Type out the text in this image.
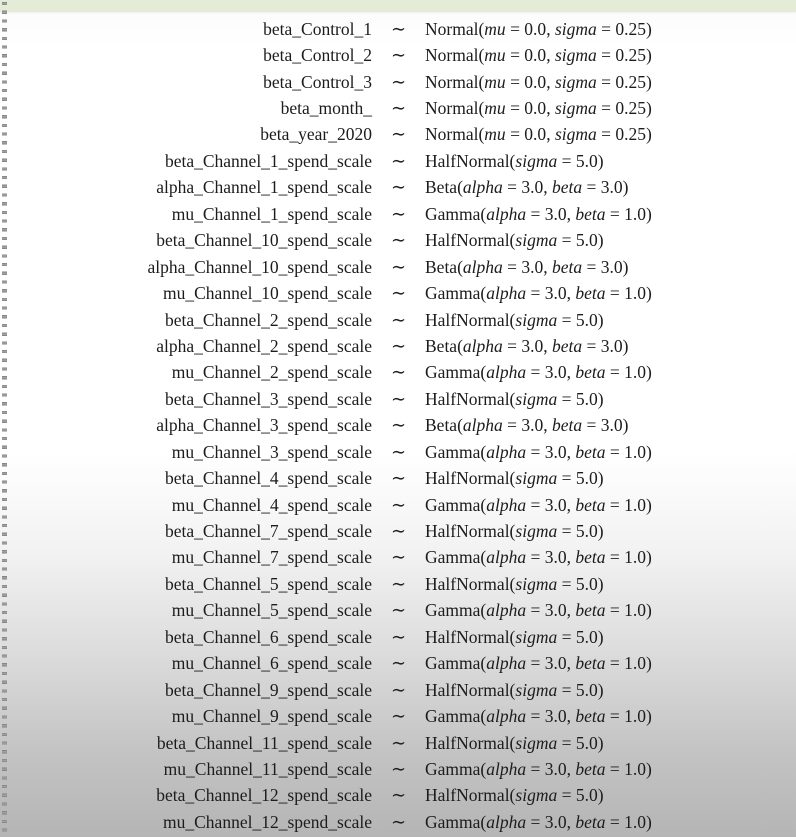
beta_Control_1	∼	Normal(mu = 0.0, sigma = 0.25)
beta_Control_2	∼	Normal(mu = 0.0, sigma = 0.25)
beta_Control_3	∼	Normal(mu = 0.0, sigma = 0.25)
beta_month_	∼	Normal(mu = 0.0, sigma = 0.25)
beta_year_2020	∼	Normal(mu = 0.0, sigma = 0.25)
beta_Channel_1_spend_scale	∼	HalfNormal(sigma = 5.0)
alpha_Channel_1_spend_scale	∼	Beta(alpha = 3.0, beta = 3.0)
mu_Channel_1_spend_scale	∼	Gamma(alpha = 3.0, beta = 1.0)
beta_Channel_10_spend_scale	∼	HalfNormal(sigma = 5.0)
alpha_Channel_10_spend_scale	∼	Beta(alpha = 3.0, beta = 3.0)
mu_Channel_10_spend_scale	∼	Gamma(alpha = 3.0, beta = 1.0)
beta_Channel_2_spend_scale	∼	HalfNormal(sigma = 5.0)
alpha_Channel_2_spend_scale	∼	Beta(alpha = 3.0, beta = 3.0)
mu_Channel_2_spend_scale	∼	Gamma(alpha = 3.0, beta = 1.0)
beta_Channel_3_spend_scale	∼	HalfNormal(sigma = 5.0)
alpha_Channel_3_spend_scale	∼	Beta(alpha = 3.0, beta = 3.0)
mu_Channel_3_spend_scale	∼	Gamma(alpha = 3.0, beta = 1.0)
beta_Channel_4_spend_scale	∼	HalfNormal(sigma = 5.0)
mu_Channel_4_spend_scale	∼	Gamma(alpha = 3.0, beta = 1.0)
beta_Channel_7_spend_scale	∼	HalfNormal(sigma = 5.0)
mu_Channel_7_spend_scale	∼	Gamma(alpha = 3.0, beta = 1.0)
beta_Channel_5_spend_scale	∼	HalfNormal(sigma = 5.0)
mu_Channel_5_spend_scale	∼	Gamma(alpha = 3.0, beta = 1.0)
beta_Channel_6_spend_scale	∼	HalfNormal(sigma = 5.0)
mu_Channel_6_spend_scale	∼	Gamma(alpha = 3.0, beta = 1.0)
beta_Channel_9_spend_scale	∼	HalfNormal(sigma = 5.0)
mu_Channel_9_spend_scale	∼	Gamma(alpha = 3.0, beta = 1.0)
beta_Channel_11_spend_scale	∼	HalfNormal(sigma = 5.0)
mu_Channel_11_spend_scale	∼	Gamma(alpha = 3.0, beta = 1.0)
beta_Channel_12_spend_scale	∼	HalfNormal(sigma = 5.0)
mu_Channel_12_spend_scale	∼	Gamma(alpha = 3.0, beta = 1.0)
